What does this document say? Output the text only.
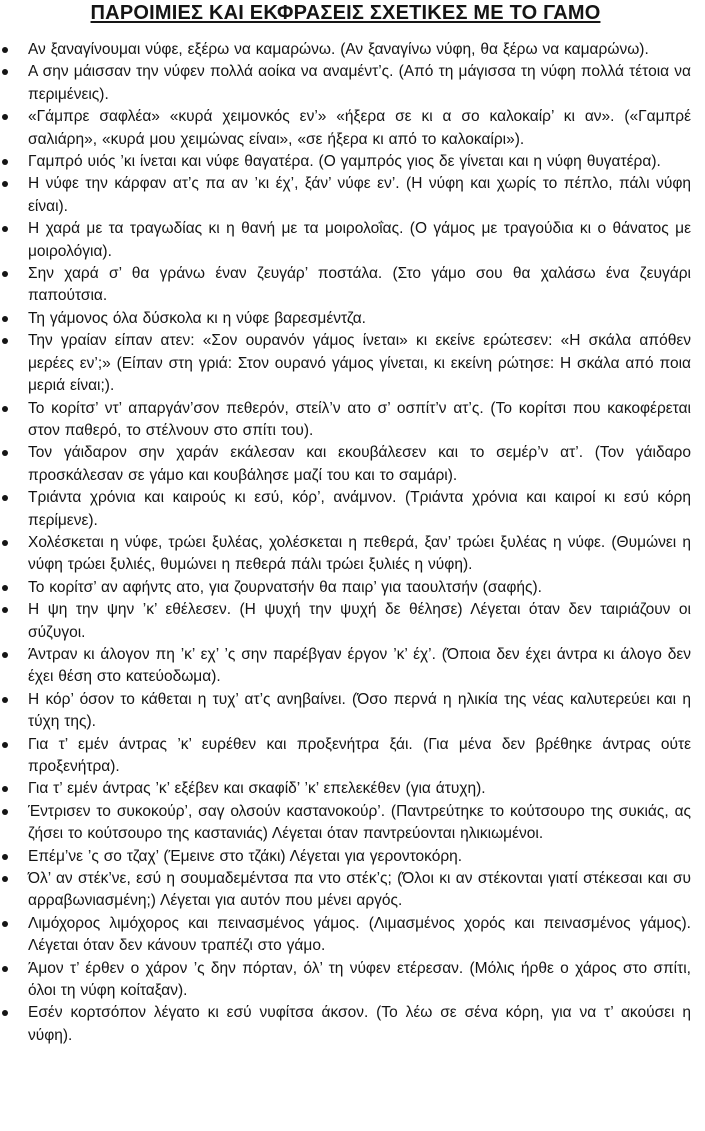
ΠΑΡΟΙΜΙΕΣ ΚΑΙ ΕΚΦΡΑΣΕΙΣ ΣΧΕΤΙΚΕΣ ΜΕ ΤΟ ΓΑΜΟ
Αν ξαναγίνουμαι νύφε, εξέρω να καμαρώνω. (Αν ξαναγίνω νύφη, θα ξέρω να καμαρώνω).
Α σην μάισσαν την νύφεν πολλά αοίκα να αναμέντ’ς. (Από τη μάγισσα τη νύφη πολλά τέτοια να περιμένεις).
«Γάμπρε σαφλέα» «κυρά χειμονκός εν’» «ήξερα σε κι α σο καλοκαίρ’ κι αν». («Γαμπρέ σαλιάρη», «κυρά μου χειμώνας είναι», «σε ήξερα κι από το καλοκαίρι»).
Γαμπρό υιός ’κι ίνεται και νύφε θαγατέρα. (Ο γαμπρός γιος δε γίνεται και η νύφη θυγατέρα).
Η νύφε την κάρφαν ατ’ς πα αν ’κι έχ’, ξάν’ νύφε εν’. (Η νύφη και χωρίς το πέπλο, πάλι νύφη είναι).
Η χαρά με τα τραγωδίας κι η θανή με τα μοιρολοΐας. (Ο γάμος με τραγούδια κι ο θάνατος με μοιρολόγια).
Σην χαρά σ’ θα γράνω έναν ζευγάρ’ ποστάλα. (Στο γάμο σου θα χαλάσω ένα ζευγάρι παπούτσια.
Τη γάμονος όλα δύσκολα κι η νύφε βαρεσμέντζα.
Την γραίαν είπαν ατεν: «Σον ουρανόν γάμος ίνεται» κι εκείνε ερώτεσεν: «Η σκάλα απόθεν μερέες εν’;» (Είπαν στη γριά: Στον ουρανό γάμος γίνεται, κι εκείνη ρώτησε: Η σκάλα από ποια μεριά είναι;).
Το κορίτσ’ ντ’ απαργάν’σον πεθερόν, στείλ’ν ατο σ’ οσπίτ’ν ατ’ς. (Το κορίτσι που κακοφέρεται στον παθερό, το στέλνουν στο σπίτι του).
Τον γάιδαρον σην χαράν εκάλεσαν και εκουβάλεσεν και το σεμέρ’ν ατ’. (Τον γάιδαρο προσκάλεσαν σε γάμο και κουβάλησε μαζί του και το σαμάρι).
Τριάντα χρόνια και καιρούς κι εσύ, κόρ’, ανάμνον. (Τριάντα χρόνια και καιροί κι εσύ κόρη περίμενε).
Χολέσκεται η νύφε, τρώει ξυλέας, χολέσκεται η πεθερά, ξαν’ τρώει ξυλέας η νύφε. (Θυμώνει η νύφη τρώει ξυλιές, θυμώνει η πεθερά πάλι τρώει ξυλιές η νύφη).
Το κορίτσ’ αν αφήντς ατο, για ζουρνατσήν θα παιρ’ για ταουλτσήν (σαφής).
Η ψη την ψην ’κ’ εθέλεσεν. (Η ψυχή την ψυχή δε θέλησε) Λέγεται όταν δεν ταιριάζουν οι σύζυγοι.
Άντραν κι άλογον πη ’κ’ εχ’ ’ς σην παρέβγαν έργον ’κ’ έχ’. (Όποια δεν έχει άντρα κι άλογο δεν έχει θέση στο κατεύοδωμα).
Η κόρ’ όσον το κάθεται η τυχ’ ατ’ς ανηβαίνει. (Όσο περνά η ηλικία της νέας καλυτερεύει και η τύχη της).
Για τ’ εμέν άντρας ’κ’ ευρέθεν και προξενήτρα ξάι. (Για μένα δεν βρέθηκε άντρας ούτε προξενήτρα).
Για τ’ εμέν άντρας ’κ’ εξέβεν και σκαφίδ’ ’κ’ επελεκέθεν (για άτυχη).
Έντρισεν το συκοκούρ’, σαγ ολσούν καστανοκούρ’. (Παντρεύτηκε το κούτσουρο της συκιάς, ας ζήσει το κούτσουρο της καστανιάς) Λέγεται όταν παντρεύονται ηλικιωμένοι.
Επέμ’νε ’ς σο τζαχ’ (Έμεινε στο τζάκι) Λέγεται για γεροντοκόρη.
Όλ’ αν στέκ’νε, εσύ η σουμαδεμέντσα πα ντο στέκ’ς; (Όλοι κι αν στέκονται γιατί στέκεσαι και συ αρραβωνιασμένη;) Λέγεται για αυτόν που μένει αργός.
Λιμόχορος λιμόχορος και πεινασμένος γάμος. (Λιμασμένος χορός και πεινασμένος γάμος). Λέγεται όταν δεν κάνουν τραπέζι στο γάμο.
Άμον τ’ έρθεν ο χάρον ’ς δην πόρταν, όλ’ τη νύφεν ετέρεσαν. (Μόλις ήρθε ο χάρος στο σπίτι, όλοι τη νύφη κοίταξαν).
Εσέν κορτσόπον λέγατο κι εσύ νυφίτσα άκσον. (Το λέω σε σένα κόρη, για να τ’ ακούσει η νύφη).
